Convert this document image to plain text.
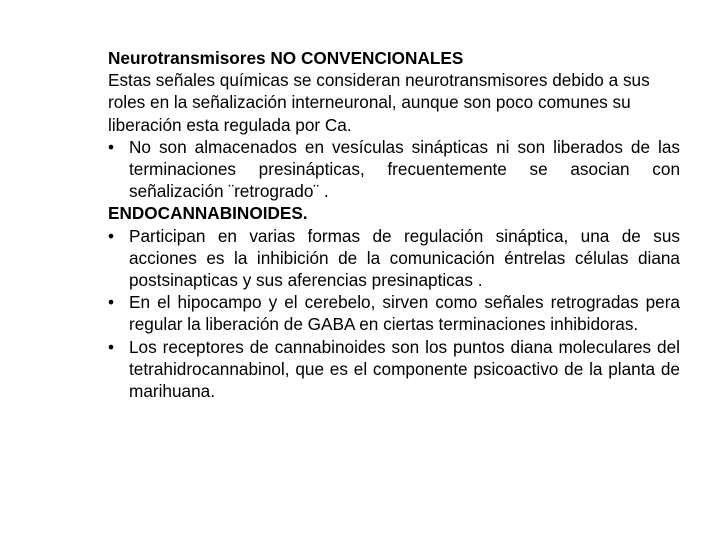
Neurotransmisores NO CONVENCIONALES

Estas señales químicas se consideran neurotransmisores debido a sus roles en la señalización interneuronal, aunque son poco comunes su liberación esta regulada por Ca.

• No son almacenados en vesículas sinápticas ni son liberados de las terminaciones presinápticas, frecuentemente se asocian con señalización ¨retrogrado¨ .

ENDOCANNABINOIDES.

• Participan en varias formas de regulación sináptica, una de sus acciones es la inhibición de la comunicación éntrelas células diana postsinapticas y sus aferencias presinapticas .
• En el hipocampo y el cerebelo, sirven como señales retrogradas pera regular la liberación de GABA en ciertas terminaciones inhibidoras.
• Los receptores de cannabinoides son los puntos diana moleculares del tetrahidrocannabinol, que es el componente psicoactivo de la planta de marihuana.
